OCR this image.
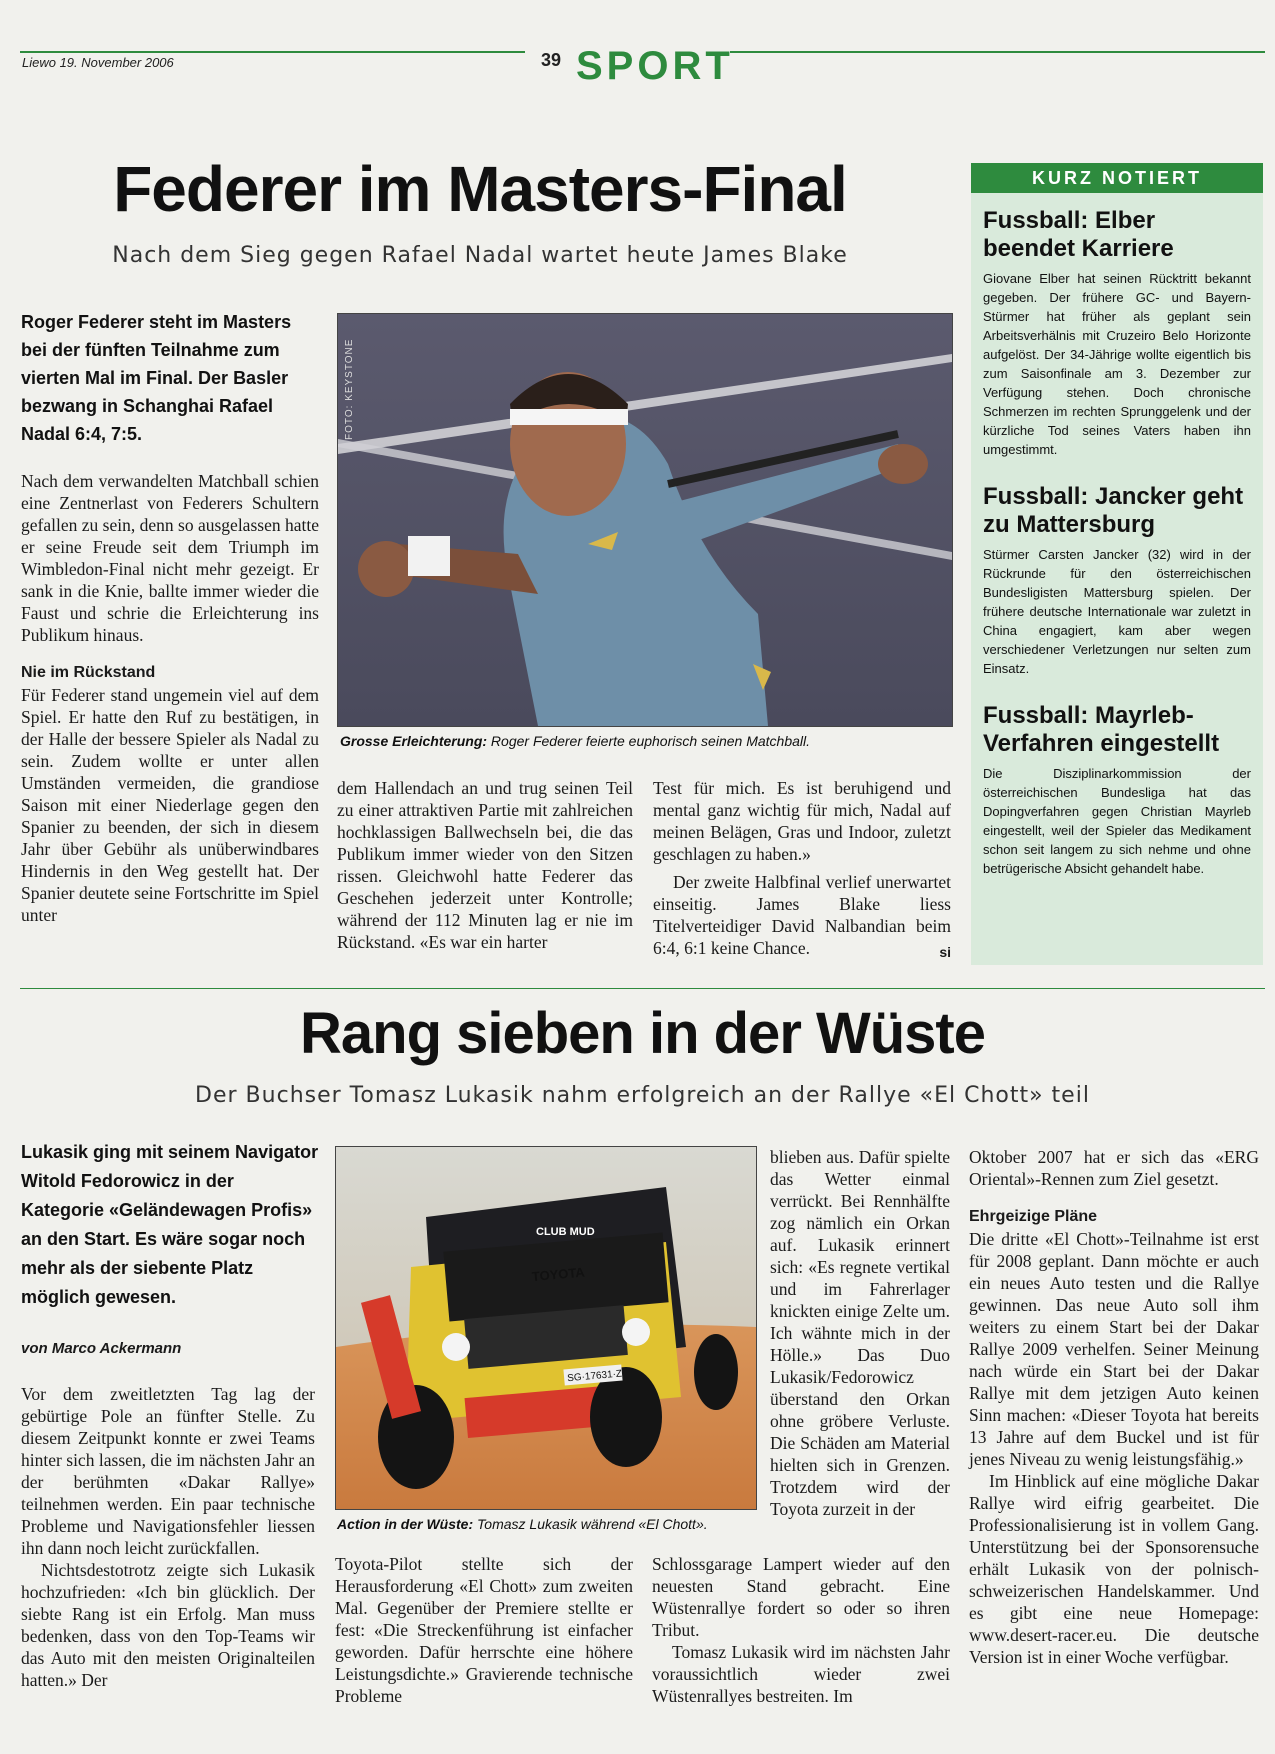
Liewo 19. November 2006	39 SPORT
Federer im Masters-Final
Nach dem Sieg gegen Rafael Nadal wartet heute James Blake
Roger Federer steht im Masters bei der fünften Teilnahme zum vierten Mal im Final. Der Basler bezwang in Schanghai Rafael Nadal 6:4, 7:5.
Nach dem verwandelten Matchball schien eine Zentnerlast von Federers Schultern gefallen zu sein, denn so ausgelassen hatte er seine Freude seit dem Triumph im Wimbledon-Final nicht mehr gezeigt. Er sank in die Knie, ballte immer wieder die Faust und schrie die Erleichterung ins Publikum hinaus.
Nie im Rückstand
Für Federer stand ungemein viel auf dem Spiel. Er hatte den Ruf zu bestätigen, in der Halle der bessere Spieler als Nadal zu sein. Zudem wollte er unter allen Umständen vermeiden, die grandiose Saison mit einer Niederlage gegen den Spanier zu beenden, der sich in diesem Jahr über Gebühr als unüberwindbares Hindernis in den Weg gestellt hat. Der Spanier deutete seine Fortschritte im Spiel unter
FOTO: KEYSTONE
Grosse Erleichterung: Roger Federer feierte euphorisch seinen Matchball.
dem Hallendach an und trug seinen Teil zu einer attraktiven Partie mit zahlreichen hochklassigen Ballwechseln bei, die das Publikum immer wieder von den Sitzen rissen. Gleichwohl hatte Federer das Geschehen jederzeit unter Kontrolle; während der 112 Minuten lag er nie im Rückstand. «Es war ein harter
Test für mich. Es ist beruhigend und mental ganz wichtig für mich, Nadal auf meinen Belägen, Gras und Indoor, zuletzt geschlagen zu haben.»
Der zweite Halbfinal verlief unerwartet einseitig. James Blake liess Titelverteidiger David Nalbandian beim 6:4, 6:1 keine Chance.	si
KURZ NOTIERT
Fussball: Elber beendet Karriere
Giovane Elber hat seinen Rücktritt bekannt gegeben. Der frühere GC- und Bayern-Stürmer hat früher als geplant sein Arbeitsverhälnis mit Cruzeiro Belo Horizonte aufgelöst. Der 34-Jährige wollte eigentlich bis zum Saisonfinale am 3. Dezember zur Verfügung stehen. Doch chronische Schmerzen im rechten Sprunggelenk und der kürzliche Tod seines Vaters haben ihn umgestimmt.
Fussball: Jancker geht zu Mattersburg
Stürmer Carsten Jancker (32) wird in der Rückrunde für den österreichischen Bundesligisten Mattersburg spielen. Der frühere deutsche Internationale war zuletzt in China engagiert, kam aber wegen verschiedener Verletzungen nur selten zum Einsatz.
Fussball: Mayrleb-Verfahren eingestellt
Die Disziplinarkommission der österreichischen Bundesliga hat das Dopingverfahren gegen Christian Mayrleb eingestellt, weil der Spieler das Medikament schon seit langem zu sich nehme und ohne betrügerische Absicht gehandelt habe.
Rang sieben in der Wüste
Der Buchser Tomasz Lukasik nahm erfolgreich an der Rallye «El Chott» teil
Lukasik ging mit seinem Navigator Witold Fedorowicz in der Kategorie «Geländewagen Profis» an den Start. Es wäre sogar noch mehr als der siebente Platz möglich gewesen.
von Marco Ackermann
Vor dem zweitletzten Tag lag der gebürtige Pole an fünfter Stelle. Zu diesem Zeitpunkt konnte er zwei Teams hinter sich lassen, die im nächsten Jahr an der berühmten «Dakar Rallye» teilnehmen werden. Ein paar technische Probleme und Navigationsfehler liessen ihn dann noch leicht zurückfallen.
Nichtsdestotrotz zeigte sich Lukasik hochzufrieden: «Ich bin glücklich. Der siebte Rang ist ein Erfolg. Man muss bedenken, dass von den Top-Teams wir das Auto mit den meisten Originalteilen hatten.» Der
TOYOTA
CLUB MUD
SG·17631·Z
Action in der Wüste: Tomasz Lukasik während «El Chott».
Toyota-Pilot stellte sich der Herausforderung «El Chott» zum zweiten Mal. Gegenüber der Premiere stellte er fest: «Die Streckenführung ist einfacher geworden. Dafür herrschte eine höhere Leistungsdichte.» Gravierende technische Probleme
blieben aus. Dafür spielte das Wetter einmal verrückt. Bei Rennhälfte zog nämlich ein Orkan auf. Lukasik erinnert sich: «Es regnete vertikal und im Fahrerlager knickten einige Zelte um. Ich wähnte mich in der Hölle.» Das Duo Lukasik/Fedorowicz überstand den Orkan ohne gröbere Verluste. Die Schäden am Material hielten sich in Grenzen. Trotzdem wird der Toyota zurzeit in der
Schlossgarage Lampert wieder auf den neuesten Stand gebracht. Eine Wüstenrallye fordert so oder so ihren Tribut.
Tomasz Lukasik wird im nächsten Jahr voraussichtlich wieder zwei Wüstenrallyes bestreiten. Im
Oktober 2007 hat er sich das «ERG Oriental»-Rennen zum Ziel gesetzt.
Ehrgeizige Pläne
Die dritte «El Chott»-Teilnahme ist erst für 2008 geplant. Dann möchte er auch ein neues Auto testen und die Rallye gewinnen. Das neue Auto soll ihm weiters zu einem Start bei der Dakar Rallye 2009 verhelfen. Seiner Meinung nach würde ein Start bei der Dakar Rallye mit dem jetzigen Auto keinen Sinn machen: «Dieser Toyota hat bereits 13 Jahre auf dem Buckel und ist für jenes Niveau zu wenig leistungsfähig.»
Im Hinblick auf eine mögliche Dakar Rallye wird eifrig gearbeitet. Die Professionalisierung ist in vollem Gang. Unterstützung bei der Sponsorensuche erhält Lukasik von der polnisch-schweizerischen Handelskammer. Und es gibt eine neue Homepage: www.desert-racer.eu. Die deutsche Version ist in einer Woche verfügbar.
